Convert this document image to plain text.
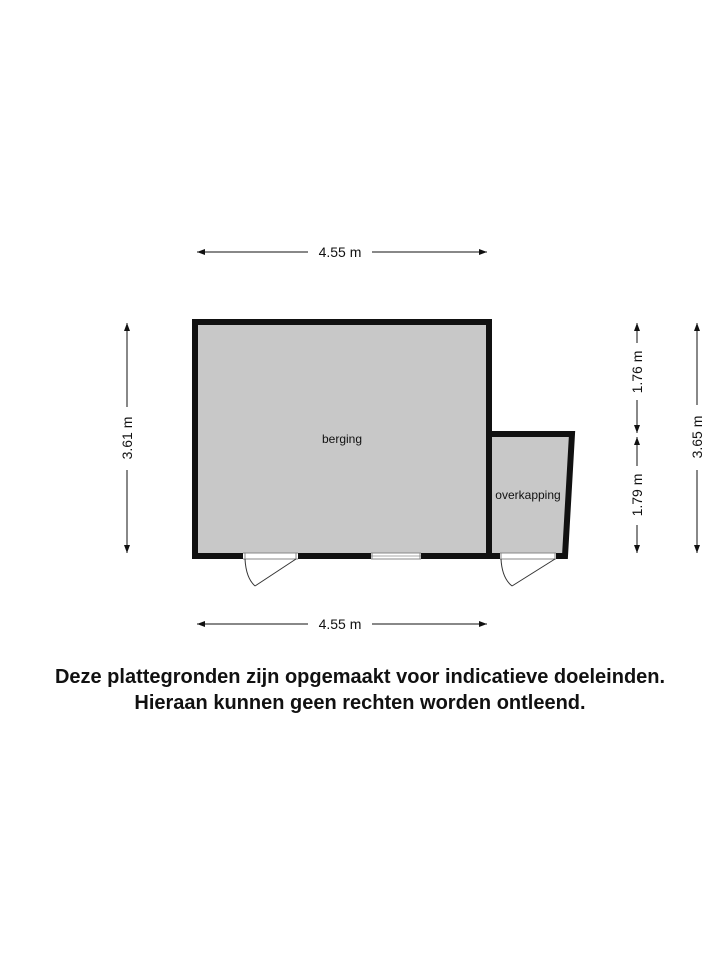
4.55 m
4.55 m
3.61 m
1.76 m
1.79 m
3.65 m
berging
overkapping
Deze plattegronden zijn opgemaakt voor indicatieve doeleinden.
Hieraan kunnen geen rechten worden ontleend.
